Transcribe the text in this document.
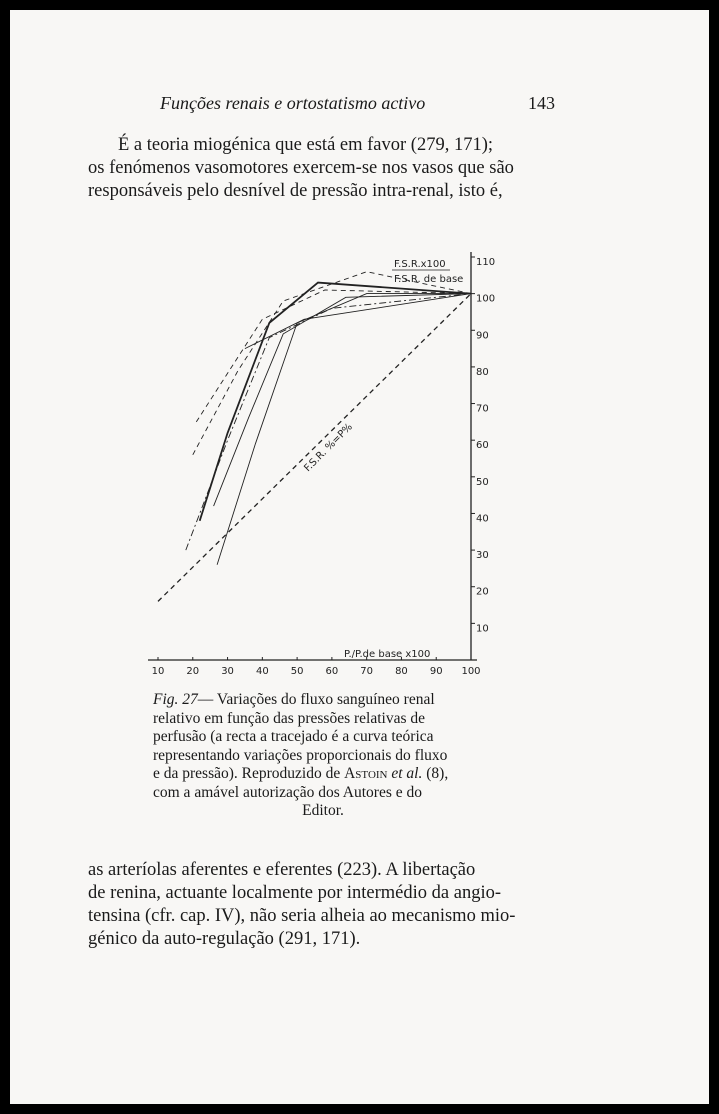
Funções renais e ortostatismo activo	143
É a teoria miogénica que está em favor (279, 171);
os fenómenos vasomotores exercem-se nos vasos que são
responsáveis pelo desnível de pressão intra-renal, isto é,
10
20
30
40
50
60
70
80
90
100
110
10 20 30 40 50 60 70 80 90 100
F.S.R.x100
F.S.R. de base
F.S.R. %=P%
P./P.de base x100
Fig. 27— Variações do fluxo sanguíneo renal
relativo em função das pressões relativas de
perfusão (a recta a tracejado é a curva teórica
representando variações proporcionais do fluxo
e da pressão). Reproduzido de Astoin et al. (8),
com a amável autorização dos Autores e do
Editor.
as arteríolas aferentes e eferentes (223). A libertação
de renina, actuante localmente por intermédio da angio-
tensina (cfr. cap. IV), não seria alheia ao mecanismo mio-
génico da auto-regulação (291, 171).
